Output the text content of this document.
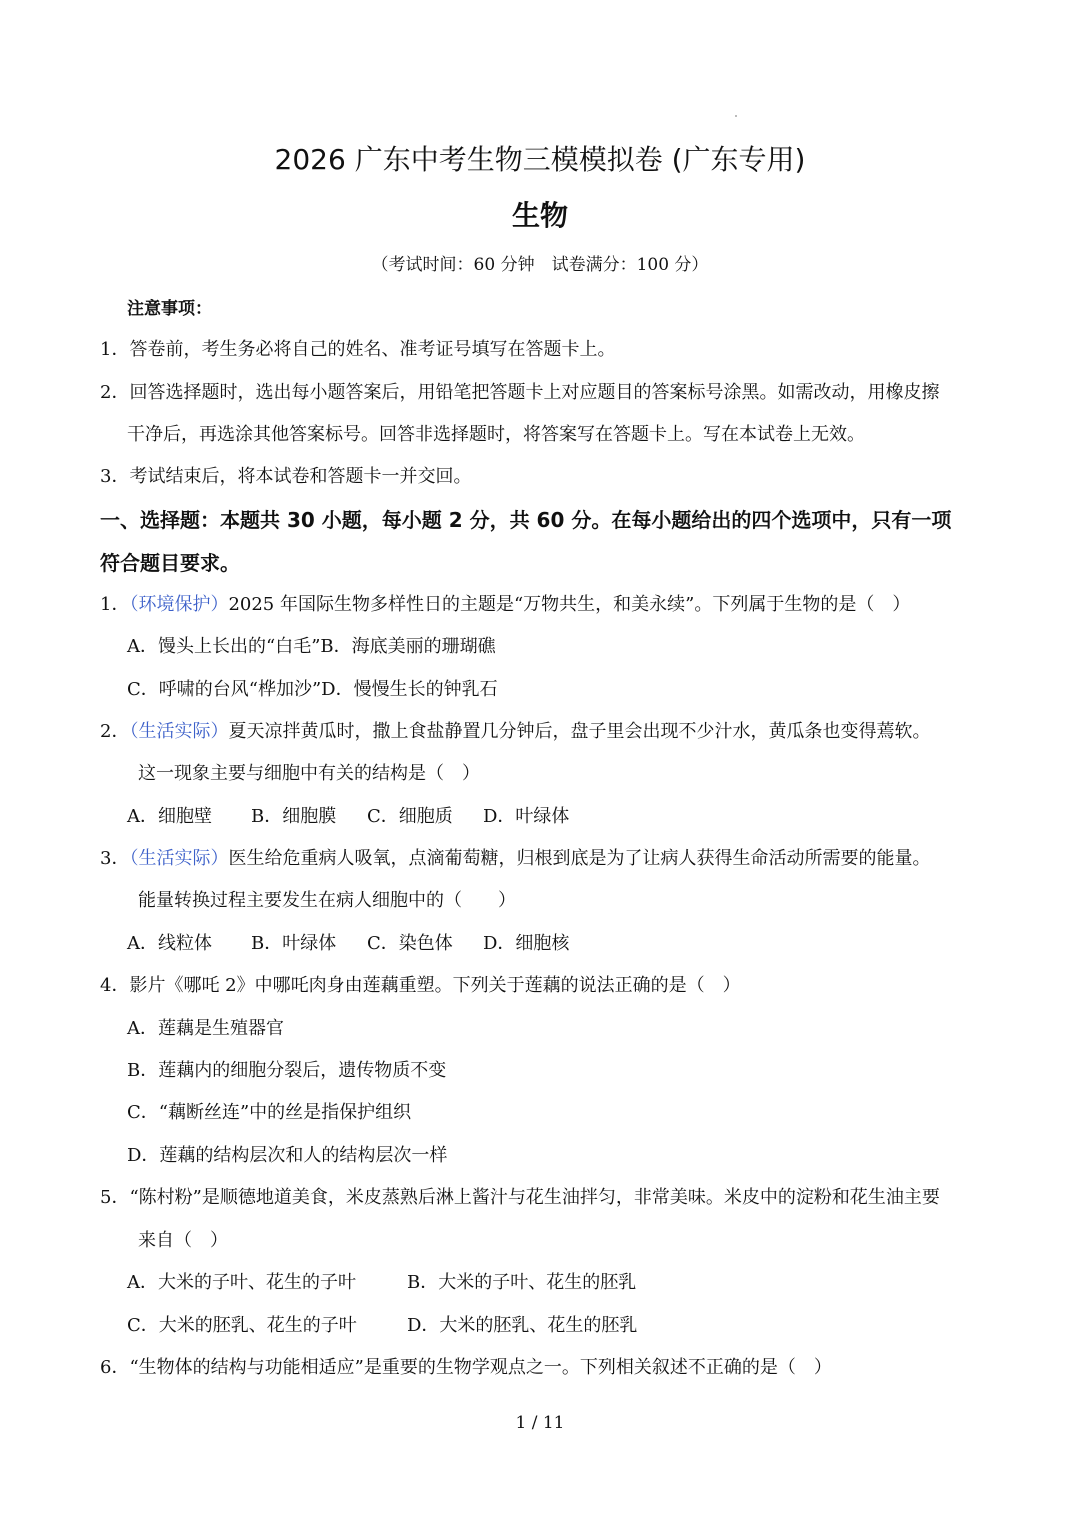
2026 广东中考生物三模模拟卷 (广东专用)
生物
（考试时间：60 分钟　试卷满分：100 分）
注意事项：
1．答卷前，考生务必将自己的姓名、准考证号填写在答题卡上。
2．回答选择题时，选出每小题答案后，用铅笔把答题卡上对应题目的答案标号涂黑。如需改动，用橡皮擦
干净后，再选涂其他答案标号。回答非选择题时，将答案写在答题卡上。写在本试卷上无效。
3．考试结束后，将本试卷和答题卡一并交回。
一、选择题：本题共 30 小题，每小题 2 分，共 60 分。在每小题给出的四个选项中，只有一项
符合题目要求。
1．（环境保护）2025 年国际生物多样性日的主题是“万物共生，和美永续”。下列属于生物的是（　）
A．馒头上长出的“白毛”B．海底美丽的珊瑚礁
C．呼啸的台风“桦加沙”D．慢慢生长的钟乳石
2．（生活实际）夏天凉拌黄瓜时，撒上食盐静置几分钟后，盘子里会出现不少汁水，黄瓜条也变得蔫软。
这一现象主要与细胞中有关的结构是（　）
A．细胞壁 B．细胞膜 C．细胞质 D．叶绿体
3．（生活实际）医生给危重病人吸氧，点滴葡萄糖，归根到底是为了让病人获得生命活动所需要的能量。
能量转换过程主要发生在病人细胞中的（　　）
A．线粒体 B．叶绿体 C．染色体 D．细胞核
4．影片《哪吒 2》中哪吒肉身由莲藕重塑。下列关于莲藕的说法正确的是（　）
A．莲藕是生殖器官
B．莲藕内的细胞分裂后，遗传物质不变
C．“藕断丝连”中的丝是指保护组织
D．莲藕的结构层次和人的结构层次一样
5．“陈村粉”是顺德地道美食，米皮蒸熟后淋上酱汁与花生油拌匀，非常美味。米皮中的淀粉和花生油主要
来自（　）
A．大米的子叶、花生的子叶	B．大米的子叶、花生的胚乳
C．大米的胚乳、花生的子叶	D．大米的胚乳、花生的胚乳
6．“生物体的结构与功能相适应”是重要的生物学观点之一。下列相关叙述不正确的是（　）
1 / 11
